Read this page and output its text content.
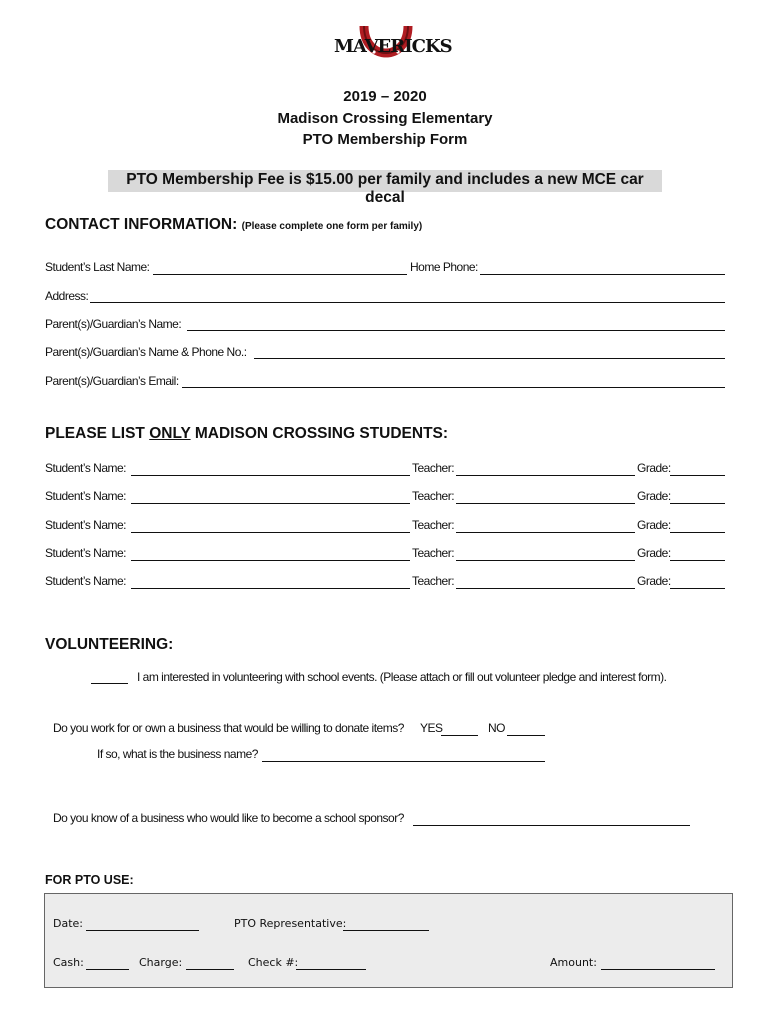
MAVERICKS
2019 – 2020
Madison Crossing Elementary
PTO Membership Form
PTO Membership Fee is $15.00 per family and includes a new MCE car decal
CONTACT INFORMATION: (Please complete one form per family)
Student’s Last Name:	Home Phone:
Address:
Parent(s)/Guardian’s Name:
Parent(s)/Guardian’s Name & Phone No.:
Parent(s)/Guardian’s Email:
PLEASE LIST ONLY MADISON CROSSING STUDENTS:
Student’s Name:	Teacher:	Grade:
Student’s Name:	Teacher:	Grade:
Student’s Name:	Teacher:	Grade:
Student’s Name:	Teacher:	Grade:
Student’s Name:	Teacher:	Grade:
VOLUNTEERING:
I am interested in volunteering with school events. (Please attach or fill out volunteer pledge and interest form).
Do you work for or own a business that would be willing to donate items? YES	NO
If so, what is the business name?
Do you know of a business who would like to become a school sponsor?
FOR PTO USE:
Date:	PTO Representative:
Cash:	Charge:	Check #:	Amount:
